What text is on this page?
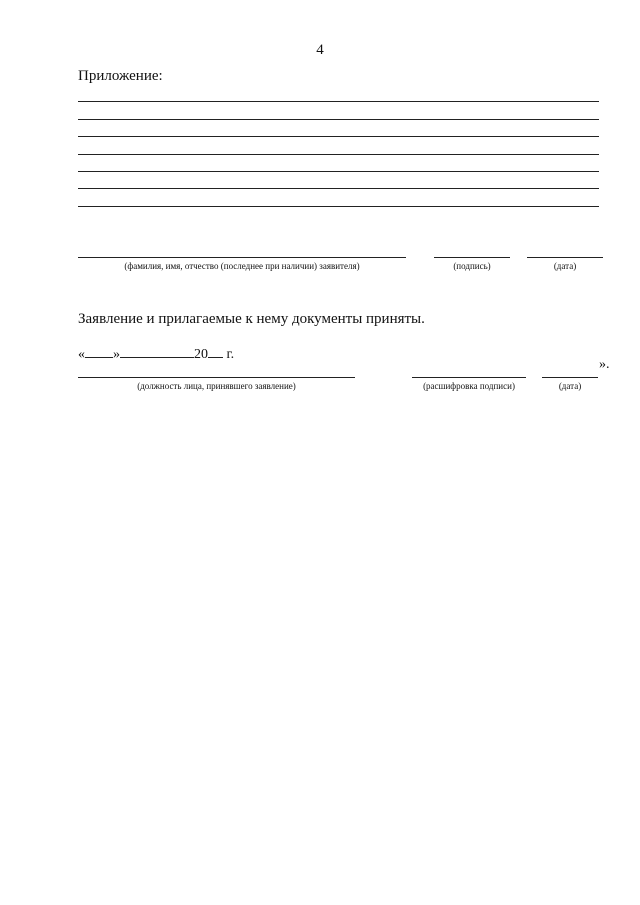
4
Приложение:
(фамилия, имя, отчество (последнее при наличии) заявителя)	(подпись)	(дата)
Заявление и прилагаемые к нему документы приняты.
« »	20 г.
(должность лица, принявшего заявление)	(расшифровка подписи)	(дата)
».
